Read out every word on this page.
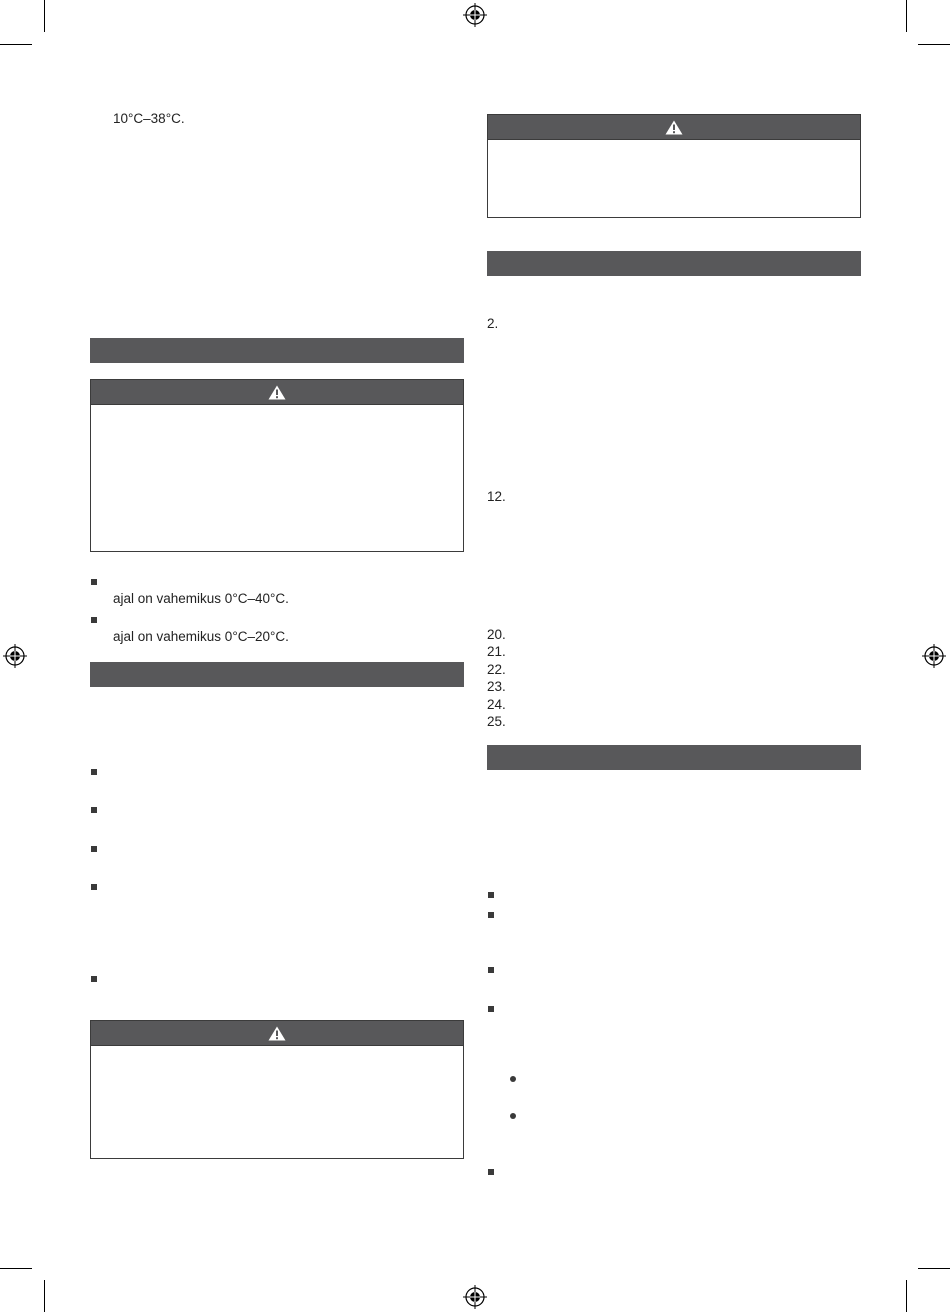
10°C–38°C.
ajal on vahemikus 0°C–40°C.
ajal on vahemikus 0°C–20°C.
2.
12.
20.
21.
22.
23.
24.
25.
